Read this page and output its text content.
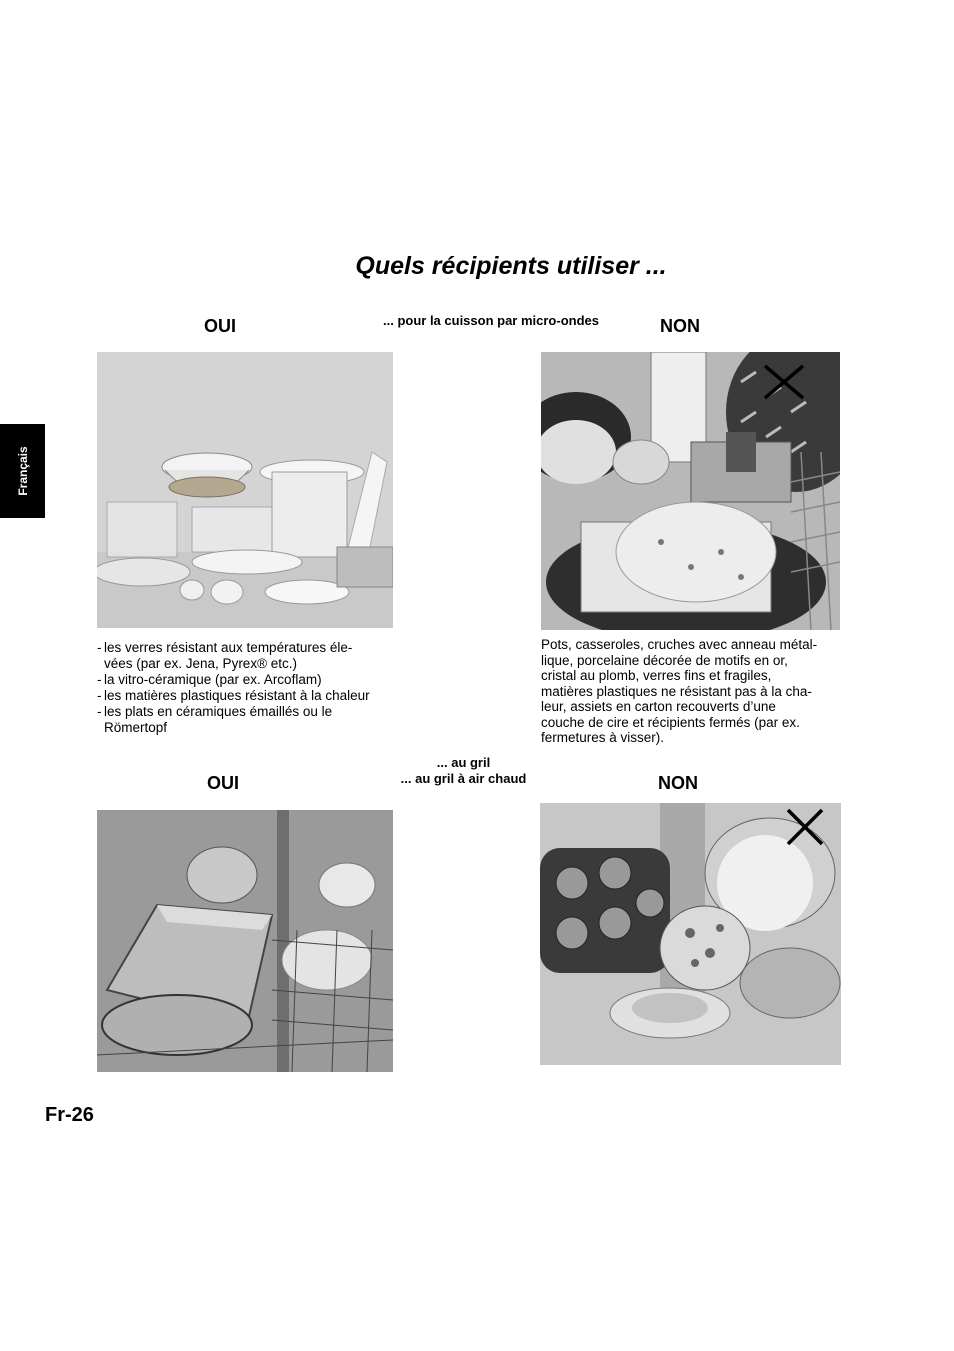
Quels récipients utiliser ...
Français
OUI	... pour la cuisson par micro-ondes	NON
- les verres résistant aux températures éle-
vées (par ex. Jena, Pyrex® etc.)
- la vitro-céramique (par ex. Arcoflam)
- les matières plastiques résistant à la chaleur
- les plats en céramiques émaillés ou le
Römertopf
Pots, casseroles, cruches avec anneau métal-
lique, porcelaine décorée de motifs en or,
cristal au plomb, verres fins et fragiles,
matières plastiques ne résistant pas à la cha-
leur, assiets en carton recouverts d’une
couche de cire et récipients fermés (par ex.
fermetures à visser).
... au gril
... au gril à air chaud
OUI	NON
Fr-26
